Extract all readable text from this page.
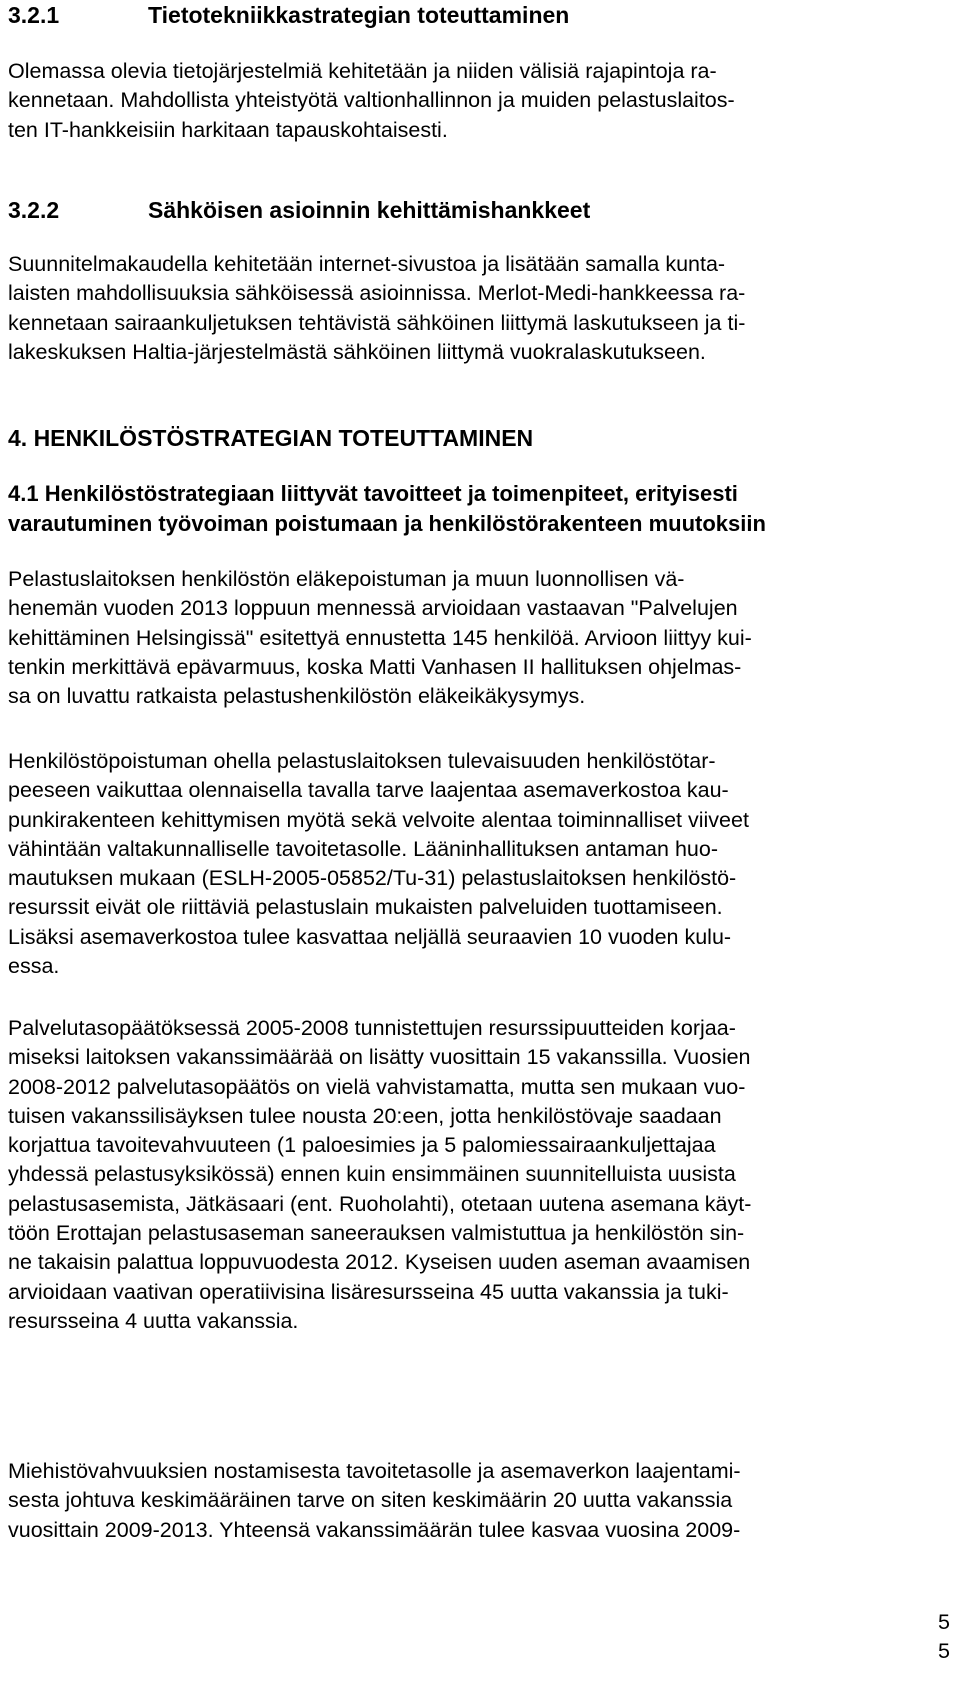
3.2.1	Tietotekniikkastrategian toteuttaminen
Olemassa olevia tietojärjestelmiä kehitetään ja niiden välisiä rajapintoja ra-
kennetaan. Mahdollista yhteistyötä valtionhallinnon ja muiden pelastuslaitos-
ten IT-hankkeisiin harkitaan tapauskohtaisesti.
3.2.2	Sähköisen asioinnin kehittämishankkeet
Suunnitelmakaudella kehitetään internet-sivustoa ja lisätään samalla kunta-
laisten mahdollisuuksia sähköisessä asioinnissa. Merlot-Medi-hankkeessa ra-
kennetaan sairaankuljetuksen tehtävistä sähköinen liittymä laskutukseen ja ti-
lakeskuksen Haltia-järjestelmästä sähköinen liittymä vuokralaskutukseen.
4. HENKILÖSTÖSTRATEGIAN TOTEUTTAMINEN
4.1 Henkilöstöstrategiaan liittyvät tavoitteet ja toimenpiteet, erityisesti
varautuminen työvoiman poistumaan ja henkilöstörakenteen muutoksiin
Pelastuslaitoksen henkilöstön eläkepoistuman ja muun luonnollisen vä-
henemän vuoden 2013 loppuun mennessä arvioidaan vastaavan "Palvelujen
kehittäminen Helsingissä" esitettyä ennustetta 145 henkilöä. Arvioon liittyy kui-
tenkin merkittävä epävarmuus, koska Matti Vanhasen II hallituksen ohjelmas-
sa on luvattu ratkaista pelastushenkilöstön eläkeikäkysymys.
Henkilöstöpoistuman ohella pelastuslaitoksen tulevaisuuden henkilöstötar-
peeseen vaikuttaa olennaisella tavalla tarve laajentaa asemaverkostoa kau-
punkirakenteen kehittymisen myötä sekä velvoite alentaa toiminnalliset viiveet
vähintään valtakunnalliselle tavoitetasolle. Lääninhallituksen antaman huo-
mautuksen mukaan (ESLH-2005-05852/Tu-31) pelastuslaitoksen henkilöstö-
resurssit eivät ole riittäviä pelastuslain mukaisten palveluiden tuottamiseen.
Lisäksi asemaverkostoa tulee kasvattaa neljällä seuraavien 10 vuoden kulu-
essa.
Palvelutasopäätöksessä 2005-2008 tunnistettujen resurssipuutteiden korjaa-
miseksi laitoksen vakanssimäärää on lisätty vuosittain 15 vakanssilla. Vuosien
2008-2012 palvelutasopäätös on vielä vahvistamatta, mutta sen mukaan vuo-
tuisen vakanssilisäyksen tulee nousta 20:een, jotta henkilöstövaje saadaan
korjattua tavoitevahvuuteen (1 paloesimies ja 5 palomiessairaankuljettajaa
yhdessä pelastusyksikössä) ennen kuin ensimmäinen suunnitelluista uusista
pelastusasemista, Jätkäsaari (ent. Ruoholahti), otetaan uutena asemana käyt-
töön Erottajan pelastusaseman saneerauksen valmistuttua ja henkilöstön sin-
ne takaisin palattua loppuvuodesta 2012. Kyseisen uuden aseman avaamisen
arvioidaan vaativan operatiivisina lisäresursseina 45 uutta vakanssia ja tuki-
resursseina 4 uutta vakanssia.
Miehistövahvuuksien nostamisesta tavoitetasolle ja asemaverkon laajentami-
sesta johtuva keskimääräinen tarve on siten keskimäärin 20 uutta vakanssia
vuosittain 2009-2013. Yhteensä vakanssimäärän tulee kasvaa vuosina 2009-
5
5
